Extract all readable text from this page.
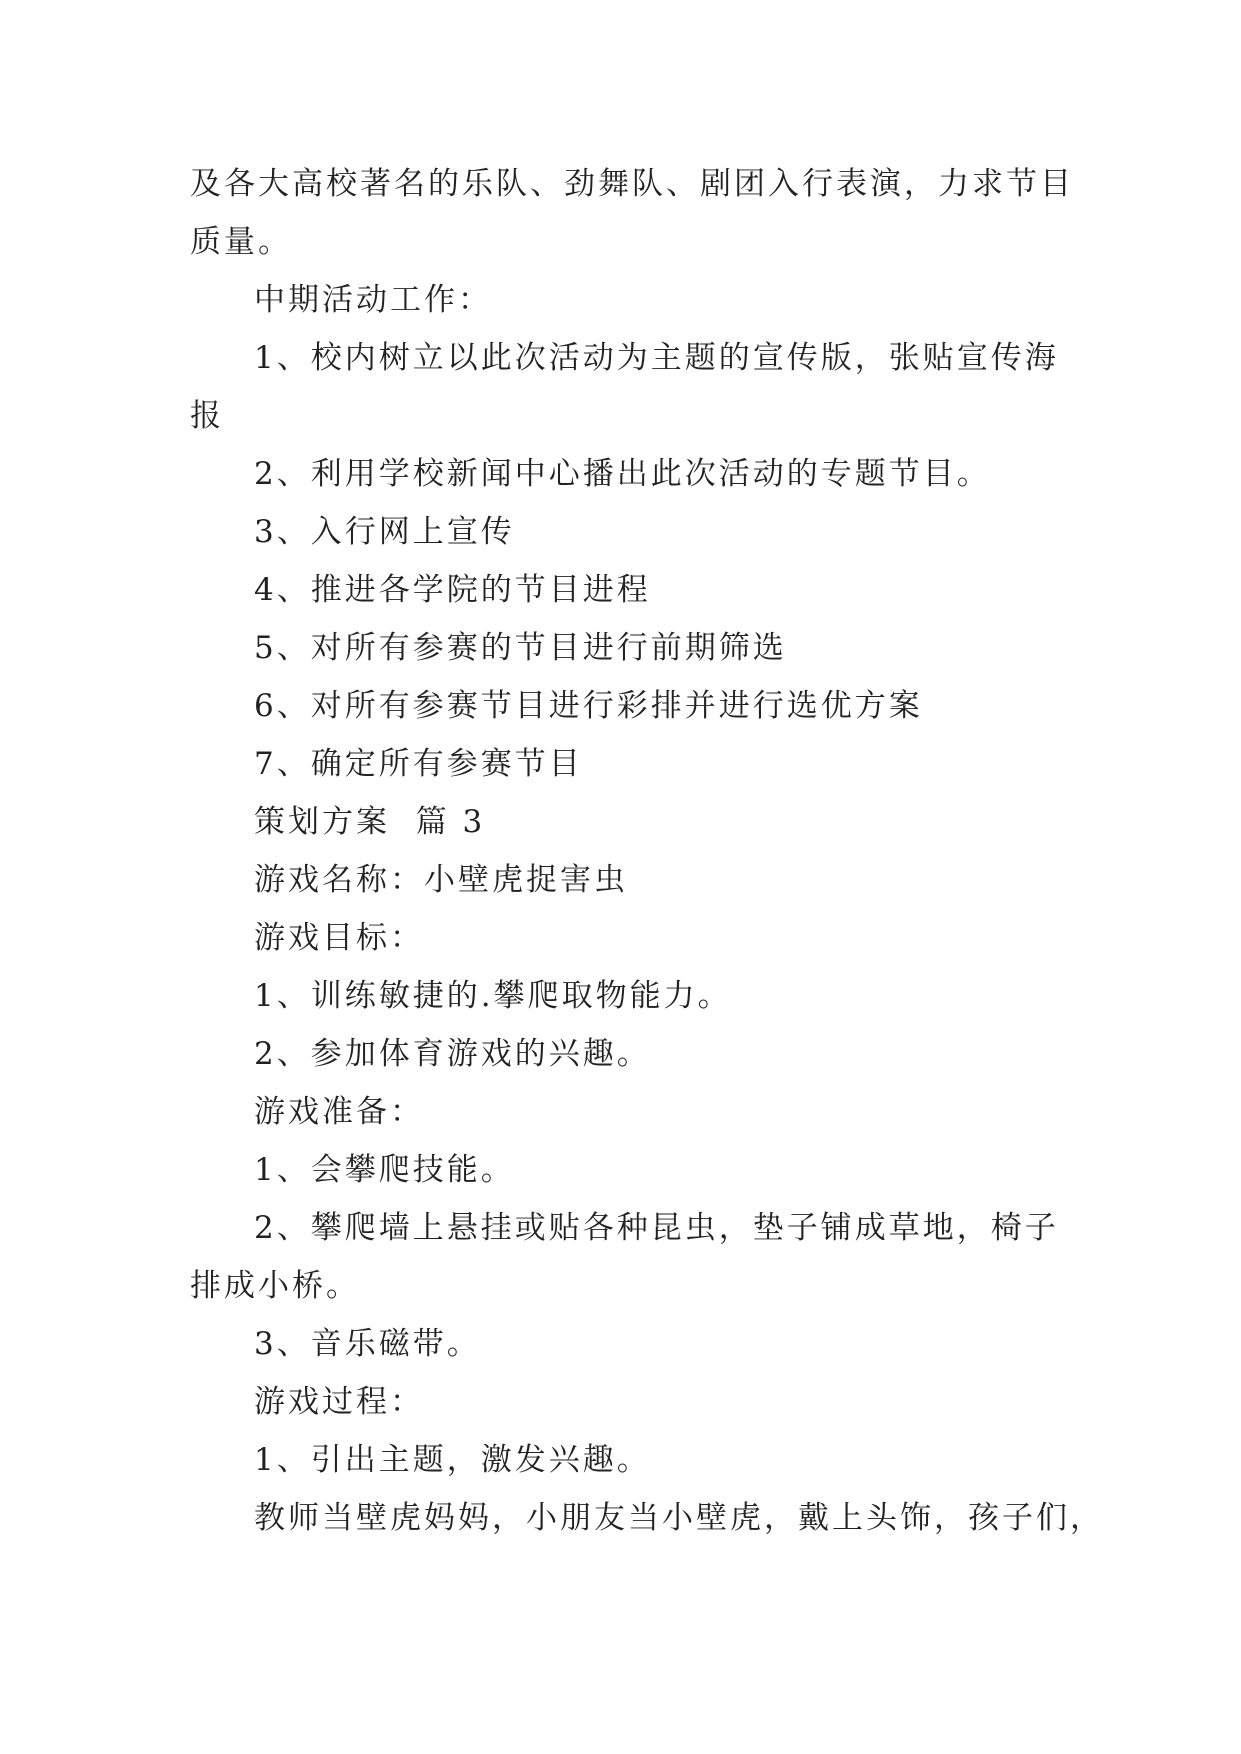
及各大高校著名的乐队、劲舞队、剧团入行表演，力求节目
质量。
中期活动工作：
1、校内树立以此次活动为主题的宣传版，张贴宣传海
报
2、利用学校新闻中心播出此次活动的专题节目。
3、入行网上宣传
4、推进各学院的节目进程
5、对所有参赛的节目进行前期筛选
6、对所有参赛节目进行彩排并进行选优方案
7、确定所有参赛节目
策划方案  篇 3
游戏名称：小壁虎捉害虫
游戏目标：
1、训练敏捷的.攀爬取物能力。
2、参加体育游戏的兴趣。
游戏准备：
1、会攀爬技能。
2、攀爬墙上悬挂或贴各种昆虫，垫子铺成草地，椅子
排成小桥。
3、音乐磁带。
游戏过程：
1、引出主题，激发兴趣。
教师当壁虎妈妈，小朋友当小壁虎，戴上头饰，孩子们，
